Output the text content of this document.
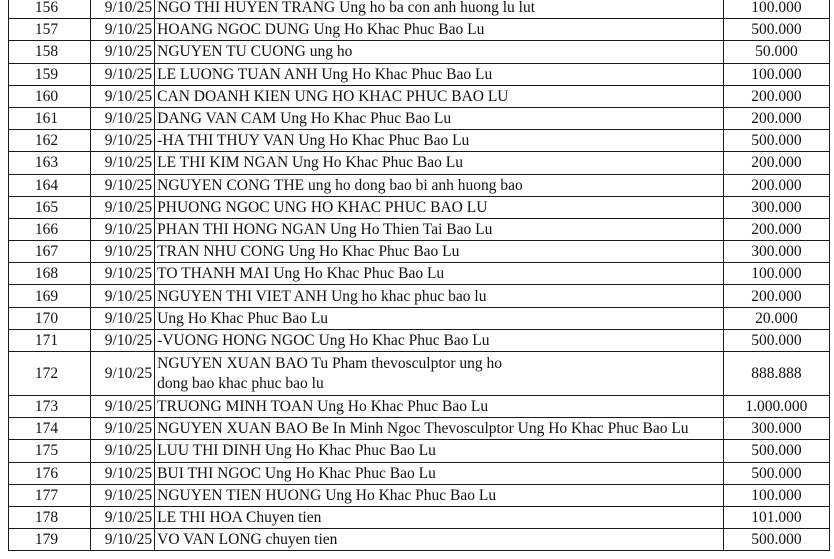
156	9/10/25	NGO THI HUYEN TRANG Ung ho ba con anh huong lu lut	100.000
157	9/10/25	HOANG NGOC DUNG Ung Ho Khac Phuc Bao Lu	500.000
158	9/10/25	NGUYEN TU CUONG ung ho	50.000
159	9/10/25	LE LUONG TUAN ANH Ung Ho Khac Phuc Bao Lu	100.000
160	9/10/25	CAN DOANH KIEN UNG HO KHAC PHUC BAO LU	200.000
161	9/10/25	DANG VAN CAM Ung Ho Khac Phuc Bao Lu	200.000
162	9/10/25	-HA THI THUY VAN Ung Ho Khac Phuc Bao Lu	500.000
163	9/10/25	LE THI KIM NGAN Ung Ho Khac Phuc Bao Lu	200.000
164	9/10/25	NGUYEN CONG THE ung ho dong bao bi anh huong bao	200.000
165	9/10/25	PHUONG NGOC UNG HO KHAC PHUC BAO LU	300.000
166	9/10/25	PHAN THI HONG NGAN Ung Ho Thien Tai Bao Lu	200.000
167	9/10/25	TRAN NHU CONG Ung Ho Khac Phuc Bao Lu	300.000
168	9/10/25	TO THANH MAI Ung Ho Khac Phuc Bao Lu	100.000
169	9/10/25	NGUYEN THI VIET ANH Ung ho khac phuc bao lu	200.000
170	9/10/25	Ung Ho Khac Phuc Bao Lu	20.000
171	9/10/25	-VUONG HONG NGOC Ung Ho Khac Phuc Bao Lu	500.000
172	9/10/25	NGUYEN XUAN BAO Tu Pham thevosculptor ung ho
dong bao khac phuc bao lu	888.888
173	9/10/25	TRUONG MINH TOAN Ung Ho Khac Phuc Bao Lu	1.000.000
174	9/10/25	NGUYEN XUAN BAO Be In Minh Ngoc Thevosculptor Ung Ho Khac Phuc Bao Lu	300.000
175	9/10/25	LUU THI DINH Ung Ho Khac Phuc Bao Lu	500.000
176	9/10/25	BUI THI NGOC Ung Ho Khac Phuc Bao Lu	500.000
177	9/10/25	NGUYEN TIEN HUONG Ung Ho Khac Phuc Bao Lu	100.000
178	9/10/25	LE THI HOA Chuyen tien	101.000
179	9/10/25	VO VAN LONG chuyen tien	500.000
